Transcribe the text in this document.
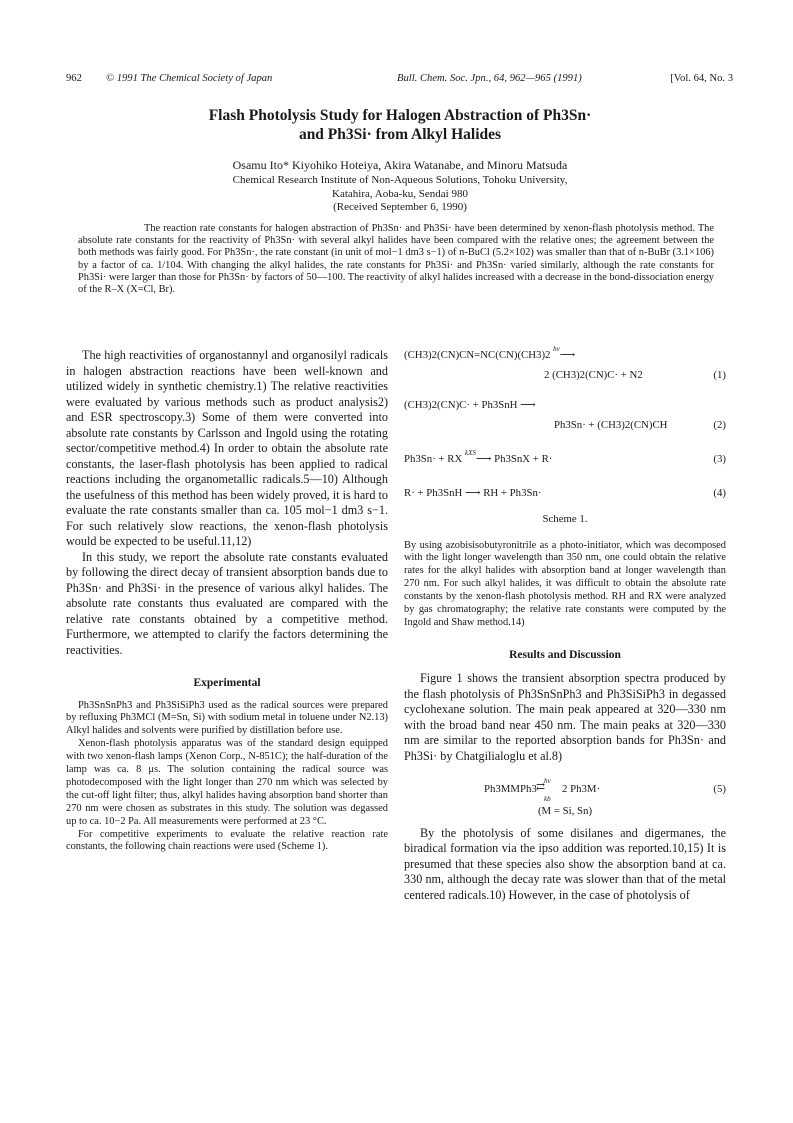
962 © 1991 The Chemical Society of Japan	Bull. Chem. Soc. Jpn., 64, 962—965 (1991)	[Vol. 64, No. 3
Flash Photolysis Study for Halogen Abstraction of Ph3Sn·
and Ph3Si· from Alkyl Halides
Osamu Ito* Kiyohiko Hoteiya, Akira Watanabe, and Minoru Matsuda
Chemical Research Institute of Non-Aqueous Solutions, Tohoku University,
Katahira, Aoba-ku, Sendai 980
(Received September 6, 1990)
The reaction rate constants for halogen abstraction of Ph3Sn· and Ph3Si· have been determined by xenon-flash photolysis method. The absolute rate constants for the reactivity of Ph3Sn· with several alkyl halides have been compared with the relative ones; the agreement between the both methods was fairly good. For Ph3Sn·, the rate constant (in unit of mol−1 dm3 s−1) of n-BuCl (5.2×102) was smaller than that of n-BuBr (3.1×106) by a factor of ca. 1/104. With changing the alkyl halides, the rate constants for Ph3Si· and Ph3Sn· varied similarly, although the rate constants for Ph3Si· were larger than those for Ph3Sn· by factors of 50—100. The reactivity of alkyl halides increased with a decrease in the bond-dissociation energy of the R–X (X=Cl, Br).

The high reactivities of organostannyl and organosilyl radicals in halogen abstraction reactions have been well-known and utilized widely in synthetic chemistry.1) The relative reactivities were evaluated by various methods such as product analysis2) and ESR spectroscopy.3) Some of them were converted into absolute rate constants by Carlsson and Ingold using the rotating sector/competitive method.4) In order to obtain the absolute rate constants, the laser-flash photolysis has been applied to radical reactions including the organometallic radicals.5—10) Although the usefulness of this method has been widely proved, it is hard to evaluate the rate constants smaller than ca. 105 mol−1 dm3 s−1. For such relatively slow reactions, the xenon-flash photolysis would be expected to be useful.11,12)

In this study, we report the absolute rate constants evaluated by following the direct decay of transient absorption bands due to Ph3Sn· and Ph3Si· in the presence of various alkyl halides. The absolute rate constants thus evaluated are compared with the relative rate constants obtained by a competitive method. Furthermore, we attempted to clarify the factors determining the reactivities.

Experimental

Ph3SnSnPh3 and Ph3SiSiPh3 used as the radical sources were prepared by refluxing Ph3MCl (M=Sn, Si) with sodium metal in toluene under N2.13) Alkyl halides and solvents were purified by distillation before use.

Xenon-flash photolysis apparatus was of the standard design equipped with two xenon-flash lamps (Xenon Corp., N-851C); the half-duration of the lamp was ca. 8 μs. The solution containing the radical source was photodecomposed with the light longer than 270 nm which was selected by the cut-off light filter; thus, alkyl halides having absorption band shorter than 270 nm were chosen as substrates in this study. The solution was degassed up to ca. 10−2 Pa. All measurements were performed at 23 °C.

For competitive experiments to evaluate the relative reaction rate constants, the following chain reactions were used (Scheme 1).

(CH3)2(CN)CN=NC(CN)(CH3)2 $^{h\nu}$⟶
2 (CH3)2(CN)C· + N2	(1)
(CH3)2(CN)C· + Ph3SnH ⟶
Ph3Sn· + (CH3)2(CN)CH	(2)
Ph3Sn· + RX $^{kXS}$⟶ Ph3SnX + R·	(3)
R· + Ph3SnH ⟶ RH + Ph3Sn·	(4)
Scheme 1.

By using azobisisobutyronitrile as a photo-initiator, which was decomposed with the light longer wavelength than 350 nm, one could obtain the relative rates for the alkyl halides with absorption band at longer wavelength than 270 nm. For such alkyl halides, it was difficult to obtain the absolute rate constants by the xenon-flash photolysis method. RH and RX were analyzed by gas chromatography; the relative rate constants were computed by the Ingold and Shaw method.14)

Results and Discussion

Figure 1 shows the transient absorption spectra produced by the flash photolysis of Ph3SnSnPh3 and Ph3SiSiPh3 in degassed cyclohexane solution. The main peak appeared at 320—330 nm with the broad band near 450 nm. The main peaks at 320—330 nm are similar to the reported absorption bands for Ph3Sn· and Ph3Si· by Chatgilialoglu et al.8)

Ph3MMPh3
hν
⇄
kb
2 Ph3M·	(5)
(M = Si, Sn)

By the photolysis of some disilanes and digermanes, the biradical formation via the ipso addition was reported.10,15) It is presumed that these species also show the absorption band at ca. 330 nm, although the decay rate was slower than that of the metal centered radicals.10) However, in the case of photolysis of
